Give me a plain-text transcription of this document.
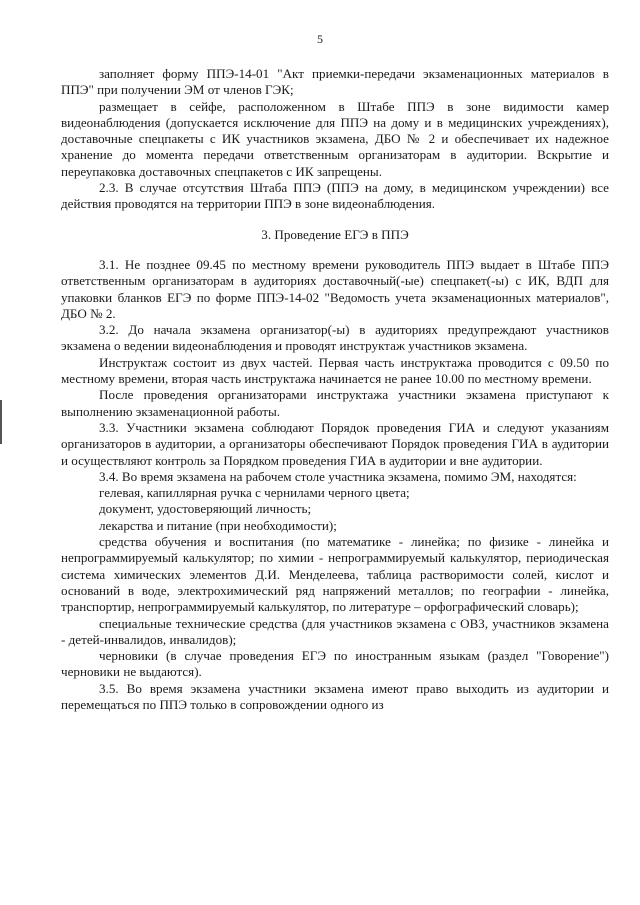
5

заполняет форму ППЭ-14-01 "Акт приемки-передачи экзаменационных материалов в ППЭ" при получении ЭМ от членов ГЭК;

размещает в сейфе, расположенном в Штабе ППЭ в зоне видимости камер видеонаблюдения (допускается исключение для ППЭ на дому и в медицинских учреждениях), доставочные спецпакеты с ИК участников экзамена, ДБО № 2 и обеспечивает их надежное хранение до момента передачи ответственным организаторам в аудитории. Вскрытие и переупаковка доставочных спецпакетов с ИК запрещены.

2.3. В случае отсутствия Штаба ППЭ (ППЭ на дому, в медицинском учреждении) все действия проводятся на территории ППЭ в зоне видеонаблюдения.

3. Проведение ЕГЭ в ППЭ

3.1. Не позднее 09.45 по местному времени руководитель ППЭ выдает в Штабе ППЭ ответственным организаторам в аудиториях доставочный(-ые) спецпакет(-ы) с ИК, ВДП для упаковки бланков ЕГЭ по форме ППЭ-14-02 "Ведомость учета экзаменационных материалов", ДБО № 2.

3.2. До начала экзамена организатор(-ы) в аудиториях предупреждают участников экзамена о ведении видеонаблюдения и проводят инструктаж участников экзамена.

Инструктаж состоит из двух частей. Первая часть инструктажа проводится с 09.50 по местному времени, вторая часть инструктажа начинается не ранее 10.00 по местному времени.

После проведения организаторами инструктажа участники экзамена приступают к выполнению экзаменационной работы.

3.3. Участники экзамена соблюдают Порядок проведения ГИА и следуют указаниям организаторов в аудитории, а организаторы обеспечивают Порядок проведения ГИА в аудитории и осуществляют контроль за Порядком проведения ГИА в аудитории и вне аудитории.

3.4. Во время экзамена на рабочем столе участника экзамена, помимо ЭМ, находятся:

гелевая, капиллярная ручка с чернилами черного цвета;

документ, удостоверяющий личность;

лекарства и питание (при необходимости);

средства обучения и воспитания (по математике - линейка; по физике - линейка и непрограммируемый калькулятор; по химии - непрограммируемый калькулятор, периодическая система химических элементов Д.И. Менделеева, таблица растворимости солей, кислот и оснований в воде, электрохимический ряд напряжений металлов; по географии - линейка, транспортир, непрограммируемый калькулятор, по литературе – орфографический словарь);

специальные технические средства (для участников экзамена с ОВЗ, участников экзамена - детей-инвалидов, инвалидов);

черновики (в случае проведения ЕГЭ по иностранным языкам (раздел "Говорение") черновики не выдаются).

3.5. Во время экзамена участники экзамена имеют право выходить из аудитории и перемещаться по ППЭ только в сопровождении одного из
